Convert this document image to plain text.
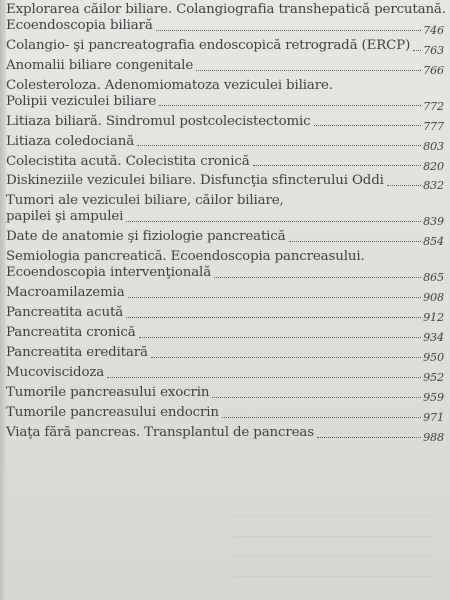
Explorarea căilor biliare. Colangiografia transhepatică percutană.
Ecoendoscopia biliară	746
Colangio- şi pancreatografia endoscopică retrogradă (ERCP) 763
Anomalii biliare congenitale	766
Colesteroloza. Adenomiomatoza veziculei biliare.
Polipii veziculei biliare	772
Litiaza biliară. Sindromul postcolecistectomic	777
Litiaza coledociană	803
Colecistita acută. Colecistita cronică	820
Diskineziile veziculei biliare. Disfuncţia sfincterului Oddi	832
Tumori ale veziculei biliare, căilor biliare,
papilei şi ampulei	839
Date de anatomie şi fiziologie pancreatică	854
Semiologia pancreatică. Ecoendoscopia pancreasului.
Ecoendoscopia intervenţională	865
Macroamilazemia	908
Pancreatita acută	912
Pancreatita cronică	934
Pancreatita ereditară	950
Mucoviscidoza	952
Tumorile pancreasului exocrin	959
Tumorile pancreasului endocrin	971
Viaţa fără pancreas. Transplantul de pancreas	988
